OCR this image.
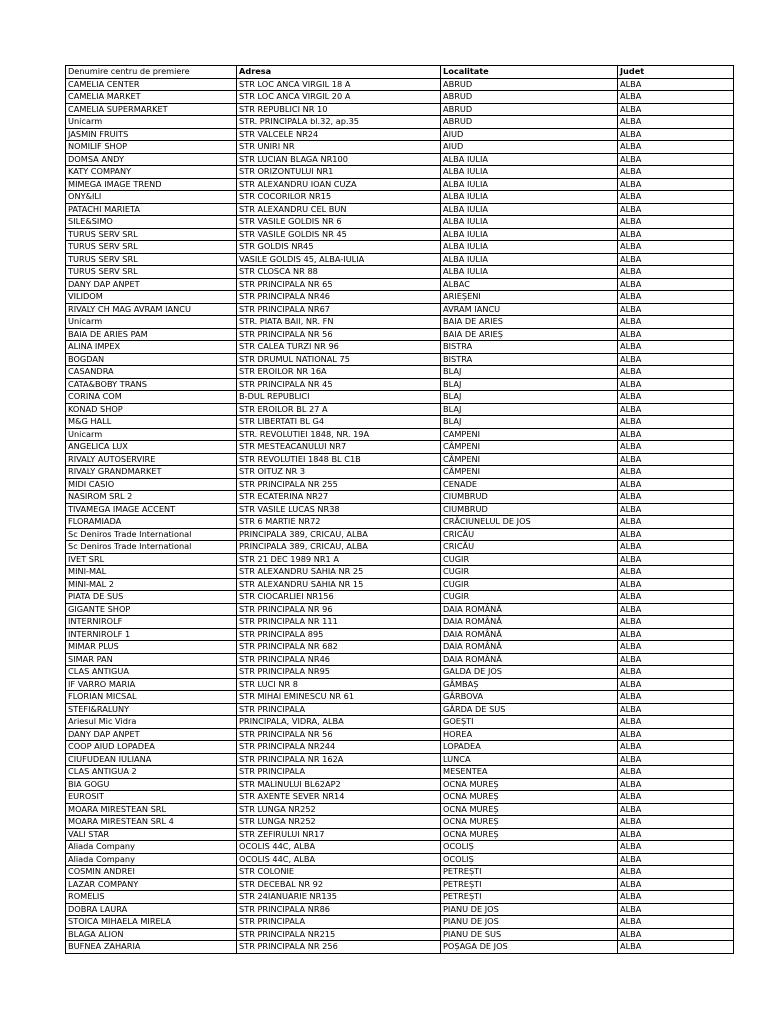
Denumire centru de premiere	Adresa	Localitate	Judet
CAMELIA CENTER	STR LOC ANCA VIRGIL 18 A	ABRUD	ALBA
CAMELIA MARKET	STR LOC ANCA VIRGIL 20 A	ABRUD	ALBA
CAMELIA SUPERMARKET	STR REPUBLICI NR 10	ABRUD	ALBA
Unicarm	STR. PRINCIPALA bl.32, ap.35	ABRUD	ALBA
JASMIN FRUITS	STR VALCELE NR24	AIUD	ALBA
NOMILIF SHOP	STR UNIRI NR	AIUD	ALBA
DOMSA ANDY	STR LUCIAN BLAGA NR100	ALBA IULIA	ALBA
KATY COMPANY	STR ORIZONTULUI NR1	ALBA IULIA	ALBA
MIMEGA IMAGE TREND	STR ALEXANDRU IOAN CUZA	ALBA IULIA	ALBA
ONY&ILI	STR COCORILOR NR15	ALBA IULIA	ALBA
PATACHI MARIETA	STR ALEXANDRU CEL BUN	ALBA IULIA	ALBA
SILE&SIMO	STR VASILE GOLDIS NR 6	ALBA IULIA	ALBA
TURUS SERV SRL	STR VASILE GOLDIS NR 45	ALBA IULIA	ALBA
TURUS SERV SRL	STR GOLDIS NR45	ALBA IULIA	ALBA
TURUS SERV SRL	VASILE GOLDIS 45, ALBA-IULIA	ALBA IULIA	ALBA
TURUS SERV SRL	STR CLOSCA NR 88	ALBA IULIA	ALBA
DANY DAP ANPET	STR PRINCIPALA NR 65	ALBAC	ALBA
VILIDOM	STR PRINCIPALA NR46	ARIEȘENI	ALBA
RIVALY CH MAG AVRAM IANCU	STR PRINCIPALA NR67	AVRAM IANCU	ALBA
Unicarm	STR. PIATA BAII, NR. FN	BAIA DE ARIES	ALBA
BAIA DE ARIES PAM	STR PRINCIPALA NR 56	BAIA DE ARIEȘ	ALBA
ALINA IMPEX	STR CALEA TURZI NR 96	BISTRA	ALBA
BOGDAN	STR DRUMUL NATIONAL 75	BISTRA	ALBA
CASANDRA	STR EROILOR NR 16A	BLAJ	ALBA
CATA&BOBY TRANS	STR PRINCIPALA NR 45	BLAJ	ALBA
CORINA COM	B-DUL REPUBLICI	BLAJ	ALBA
KONAD SHOP	STR EROILOR BL 27 A	BLAJ	ALBA
M&G HALL	STR LIBERTATI BL G4	BLAJ	ALBA
Unicarm	STR. REVOLUTIEI 1848, NR. 19A	CAMPENI	ALBA
ANGELICA LUX	STR MESTEACANULUI NR7	CÂMPENI	ALBA
RIVALY AUTOSERVIRE	STR REVOLUTIEI 1848 BL C1B	CÂMPENI	ALBA
RIVALY GRANDMARKET	STR OITUZ NR 3	CÂMPENI	ALBA
MIDI CASIO	STR PRINCIPALA NR 255	CENADE	ALBA
NASIROM SRL 2	STR ECATERINA NR27	CIUMBRUD	ALBA
TIVAMEGA IMAGE ACCENT	STR VASILE LUCAS NR38	CIUMBRUD	ALBA
FLORAMIADA	STR 6 MARTIE NR72	CRĂCIUNELUL DE JOS	ALBA
Sc Deniros Trade International	PRINCIPALA 389, CRICAU, ALBA	CRICĂU	ALBA
Sc Deniros Trade International	PRINCIPALA 389, CRICAU, ALBA	CRICĂU	ALBA
IVET SRL	STR 21 DEC 1989 NR1 A	CUGIR	ALBA
MINI-MAL	STR ALEXANDRU SAHIA NR 25	CUGIR	ALBA
MINI-MAL 2	STR ALEXANDRU SAHIA NR 15	CUGIR	ALBA
PIATA DE SUS	STR CIOCARLIEI NR156	CUGIR	ALBA
GIGANTE SHOP	STR PRINCIPALA NR 96	DAIA ROMÂNĂ	ALBA
INTERNIROLF	STR PRINCIPALA NR 111	DAIA ROMÂNĂ	ALBA
INTERNIROLF 1	STR PRINCIPALA 895	DAIA ROMÂNĂ	ALBA
MIMAR PLUS	STR PRINCIPALA NR 682	DAIA ROMÂNĂ	ALBA
SIMAR PAN	STR PRINCIPALA NR46	DAIA ROMÂNĂ	ALBA
CLAS ANTIGUA	STR PRINCIPALA NR95	GALDA DE JOS	ALBA
IF VARRO MARIA	STR LUCI NR 8	GÂMBAȘ	ALBA
FLORIAN MICSAL	STR MIHAI EMINESCU NR 61	GÂRBOVA	ALBA
STEFI&RALUNY	STR PRINCIPALA	GÂRDA DE SUS	ALBA
Ariesul Mic Vidra	PRINCIPALA, VIDRA, ALBA	GOEȘTI	ALBA
DANY DAP ANPET	STR PRINCIPALA NR 56	HOREA	ALBA
COOP AIUD LOPADEA	STR PRINCIPALA NR244	LOPADEA	ALBA
CIUFUDEAN IULIANA	STR PRINCIPALA NR 162A	LUNCA	ALBA
CLAS ANTIGUA 2	STR PRINCIPALA	MESENTEA	ALBA
BIA GOGU	STR MALINULUI BL62AP2	OCNA MUREȘ	ALBA
EUROSIT	STR AXENTE SEVER NR14	OCNA MUREȘ	ALBA
MOARA MIRESTEAN SRL	STR LUNGA NR252	OCNA MUREȘ	ALBA
MOARA MIRESTEAN SRL 4	STR LUNGA NR252	OCNA MUREȘ	ALBA
VALI STAR	STR ZEFIRULUI NR17	OCNA MUREȘ	ALBA
Aliada Company	OCOLIS 44C, ALBA	OCOLIȘ	ALBA
Aliada Company	OCOLIS 44C, ALBA	OCOLIȘ	ALBA
COSMIN ANDREI	STR COLONIE	PETREȘTI	ALBA
LAZAR COMPANY	STR DECEBAL NR 92	PETREȘTI	ALBA
ROMELIS	STR 24IANUARIE NR135	PETREȘTI	ALBA
DOBRA LAURA	STR PRINCIPALA NR86	PIANU DE JOS	ALBA
STOICA MIHAELA MIRELA	STR PRINCIPALA	PIANU DE JOS	ALBA
BLAGA ALION	STR PRINCIPALA NR215	PIANU DE SUS	ALBA
BUFNEA ZAHARIA	STR PRINCIPALA NR 256	POȘAGA DE JOS	ALBA
